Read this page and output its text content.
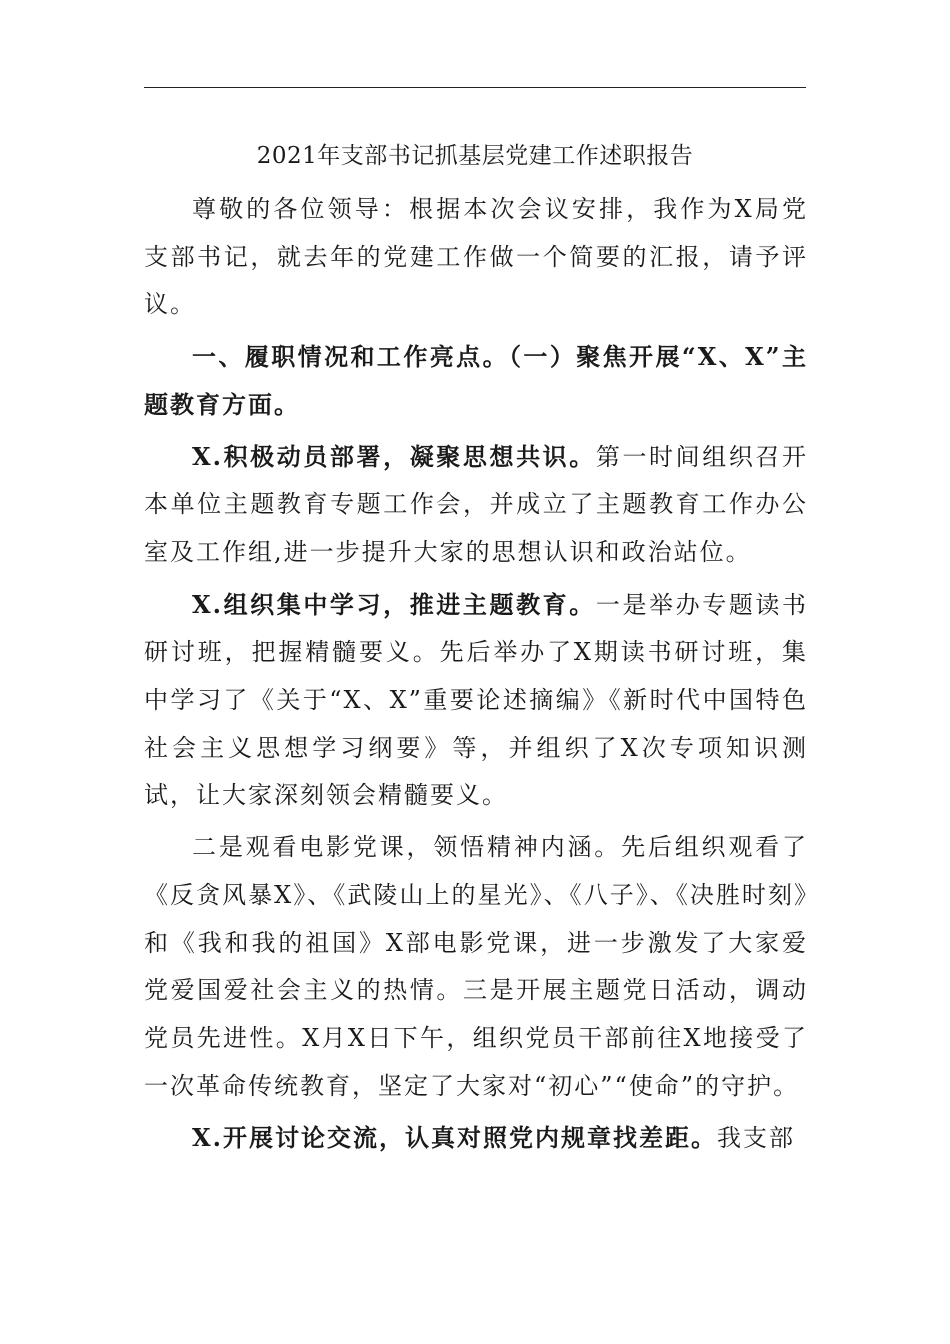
2021年支部书记抓基层党建工作述职报告

尊敬的各位领导：根据本次会议安排，我作为X局党支部书记，就去年的党建工作做一个简要的汇报，请予评议。

一、履职情况和工作亮点。（一）聚焦开展“X、X”主题教育方面。

X.积极动员部署，凝聚思想共识。第一时间组织召开本单位主题教育专题工作会，并成立了主题教育工作办公室及工作组,进一步提升大家的思想认识和政治站位。

X.组织集中学习，推进主题教育。一是举办专题读书研讨班，把握精髓要义。先后举办了X期读书研讨班，集中学习了《关于“X、X”重要论述摘编》《新时代中国特色社会主义思想学习纲要》等，并组织了X次专项知识测试，让大家深刻领会精髓要义。

二是观看电影党课，领悟精神内涵。先后组织观看了《反贪风暴X》、《武陵山上的星光》、《八子》、《决胜时刻》和《我和我的祖国》X部电影党课，进一步激发了大家爱党爱国爱社会主义的热情。三是开展主题党日活动，调动党员先进性。X月X日下午，组织党员干部前往X地接受了一次革命传统教育，坚定了大家对“初心”“使命”的守护。

X.开展讨论交流，认真对照党内规章找差距。我支部
